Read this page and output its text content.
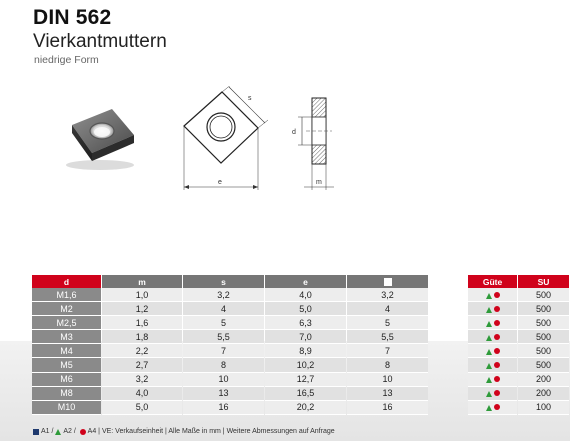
DIN 562
Vierkantmuttern
niedrige Form
s
e
d
m
d	m	s	e	
M1,6	1,0	3,2	4,0	3,2
M2	1,2	4	5,0	4
M2,5	1,6	5	6,3	5
M3	1,8	5,5	7,0	5,5
M4	2,2	7	8,9	7
M5	2,7	8	10,2	8
M6	3,2	10	12,7	10
M8	4,0	13	16,5	13
M10	5,0	16	20,2	16
Güte	SU
	500
	500
	500
	500
	500
	500
	200
	200
	100
A1 /  A2 /  A4 | VE: Verkaufseinheit | Alle Maße in mm | Weitere Abmessungen auf Anfrage
